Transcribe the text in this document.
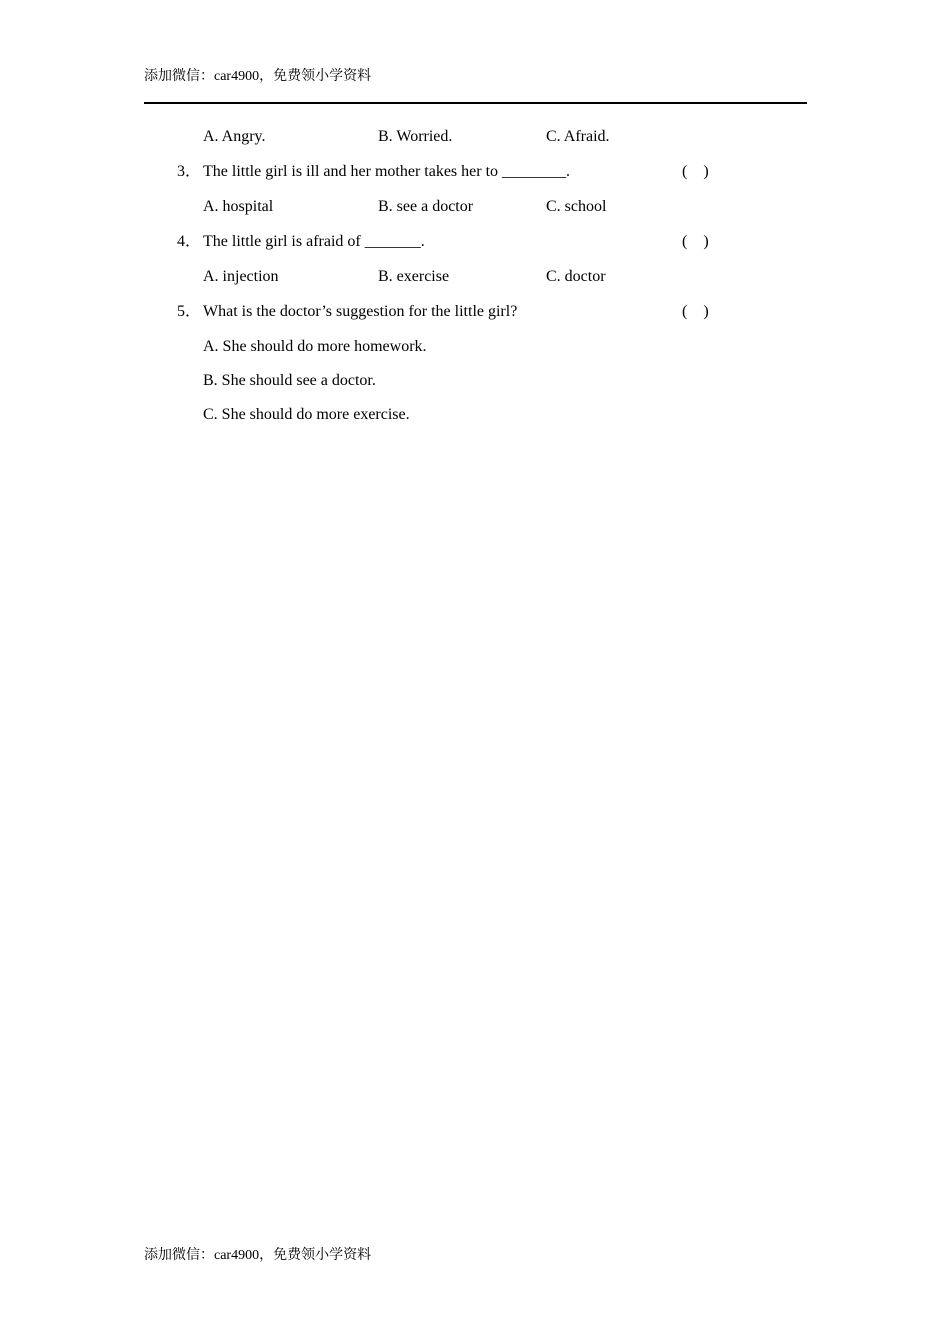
添加微信：car4900，免费领小学资料
A. Angry.	B. Worried.	C. Afraid.
3． The little girl is ill and her mother takes her to ________.	(　)
A. hospital	B. see a doctor	C. school
4． The little girl is afraid of _______.	(　)
A. injection	B. exercise	C. doctor
5． What is the doctor’s suggestion for the little girl?	(　)
A. She should do more homework.
B. She should see a doctor.
C. She should do more exercise.
添加微信：car4900，免费领小学资料
